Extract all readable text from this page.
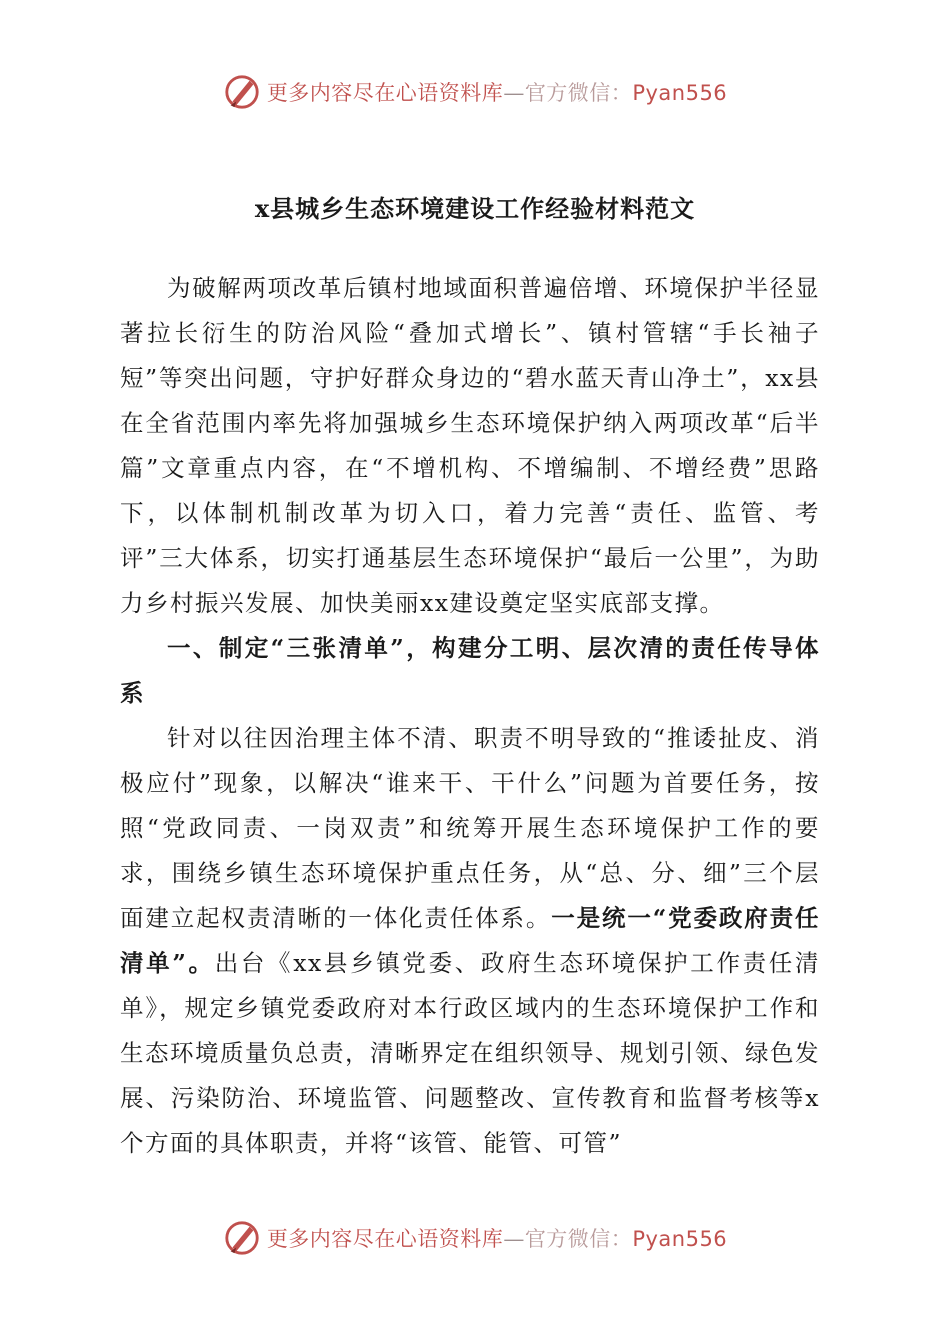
更多内容尽在心语资料库—官方微信：Pyan556
x县城乡生态环境建设工作经验材料范文

为破解两项改革后镇村地域面积普遍倍增、环境保护半径显著拉长衍生的防治风险“叠加式增长”、镇村管辖“手长袖子短”等突出问题，守护好群众身边的“碧水蓝天青山净土”，xx县在全省范围内率先将加强城乡生态环境保护纳入两项改革“后半篇”文章重点内容，在“不增机构、不增编制、不增经费”思路下，以体制机制改革为切入口，着力完善“责任、监管、考评”三大体系，切实打通基层生态环境保护“最后一公里”，为助力乡村振兴发展、加快美丽xx建设奠定坚实底部支撑。

一、制定“三张清单”，构建分工明、层次清的责任传导体系

针对以往因治理主体不清、职责不明导致的“推诿扯皮、消极应付”现象，以解决“谁来干、干什么”问题为首要任务，按照“党政同责、一岗双责”和统筹开展生态环境保护工作的要求，围绕乡镇生态环境保护重点任务，从“总、分、细”三个层面建立起权责清晰的一体化责任体系。一是统一“党委政府责任清单”。出台《xx县乡镇党委、政府生态环境保护工作责任清单》，规定乡镇党委政府对本行政区域内的生态环境保护工作和生态环境质量负总责，清晰界定在组织领导、规划引领、绿色发展、污染防治、环境监管、问题整改、宣传教育和监督考核等x个方面的具体职责，并将“该管、能管、可管”

更多内容尽在心语资料库—官方微信：Pyan556
